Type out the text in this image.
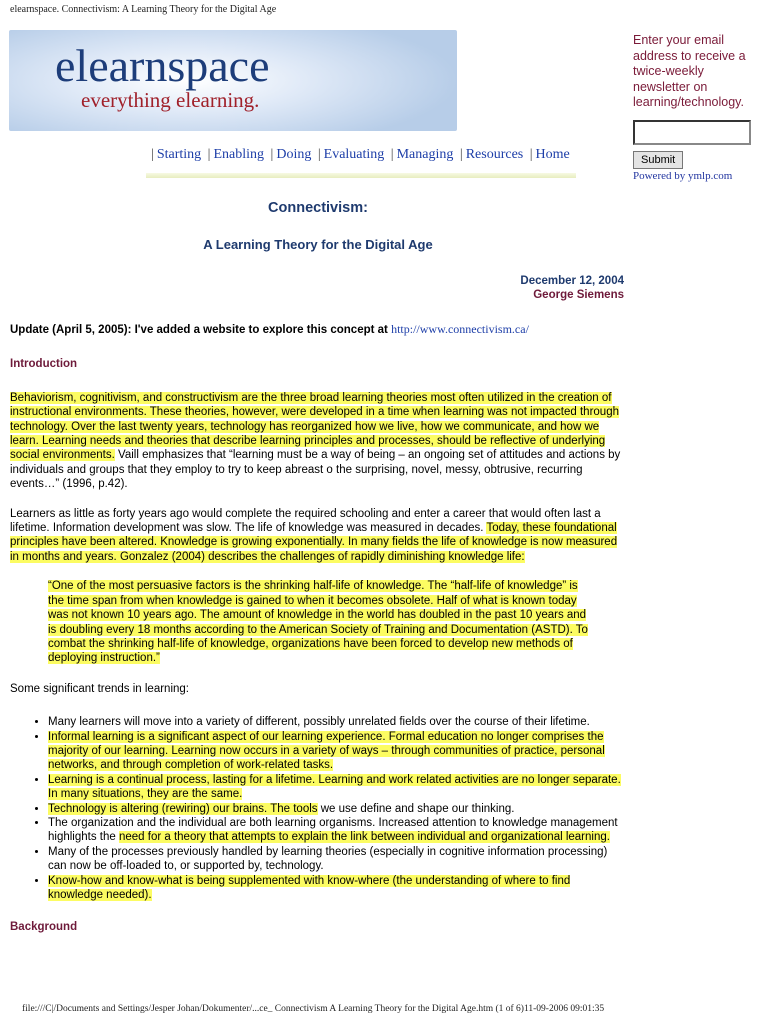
elearnspace. Connectivism: A Learning Theory for the Digital Age
elearnspace
everything elearning.
Enter your email address to receive a twice-weekly newsletter on learning/technology.
Submit
Powered by ymlp.com
| Starting | Enabling | Doing | Evaluating | Managing | Resources | Home
Connectivism:
A Learning Theory for the Digital Age
December 12, 2004
George Siemens

Update (April 5, 2005): I've added a website to explore this concept at http://www.connectivism.ca/

Introduction

Behaviorism, cognitivism, and constructivism are the three broad learning theories most often utilized in the creation of instructional environments. These theories, however, were developed in a time when learning was not impacted through technology. Over the last twenty years, technology has reorganized how we live, how we communicate, and how we learn. Learning needs and theories that describe learning principles and processes, should be reflective of underlying social environments. Vaill emphasizes that “learning must be a way of being – an ongoing set of attitudes and actions by individuals and groups that they employ to try to keep abreast o the surprising, novel, messy, obtrusive, recurring events…” (1996, p.42).

Learners as little as forty years ago would complete the required schooling and enter a career that would often last a lifetime. Information development was slow. The life of knowledge was measured in decades. Today, these foundational principles have been altered. Knowledge is growing exponentially. In many fields the life of knowledge is now measured in months and years. Gonzalez (2004) describes the challenges of rapidly diminishing knowledge life:

“One of the most persuasive factors is the shrinking half-life of knowledge. The “half-life of knowledge” is the time span from when knowledge is gained to when it becomes obsolete. Half of what is known today was not known 10 years ago. The amount of knowledge in the world has doubled in the past 10 years and is doubling every 18 months according to the American Society of Training and Documentation (ASTD). To combat the shrinking half-life of knowledge, organizations have been forced to develop new methods of deploying instruction.”

Some significant trends in learning:

• Many learners will move into a variety of different, possibly unrelated fields over the course of their lifetime.
• Informal learning is a significant aspect of our learning experience. Formal education no longer comprises the majority of our learning. Learning now occurs in a variety of ways – through communities of practice, personal networks, and through completion of work-related tasks.
• Learning is a continual process, lasting for a lifetime. Learning and work related activities are no longer separate. In many situations, they are the same.
• Technology is altering (rewiring) our brains. The tools we use define and shape our thinking.
• The organization and the individual are both learning organisms. Increased attention to knowledge management highlights the need for a theory that attempts to explain the link between individual and organizational learning.
• Many of the processes previously handled by learning theories (especially in cognitive information processing) can now be off-loaded to, or supported by, technology.
• Know-how and know-what is being supplemented with know-where (the understanding of where to find knowledge needed).

Background

file:///C|/Documents and Settings/Jesper Johan/Dokumenter/...ce_ Connectivism A Learning Theory for the Digital Age.htm (1 of 6)11-09-2006 09:01:35
